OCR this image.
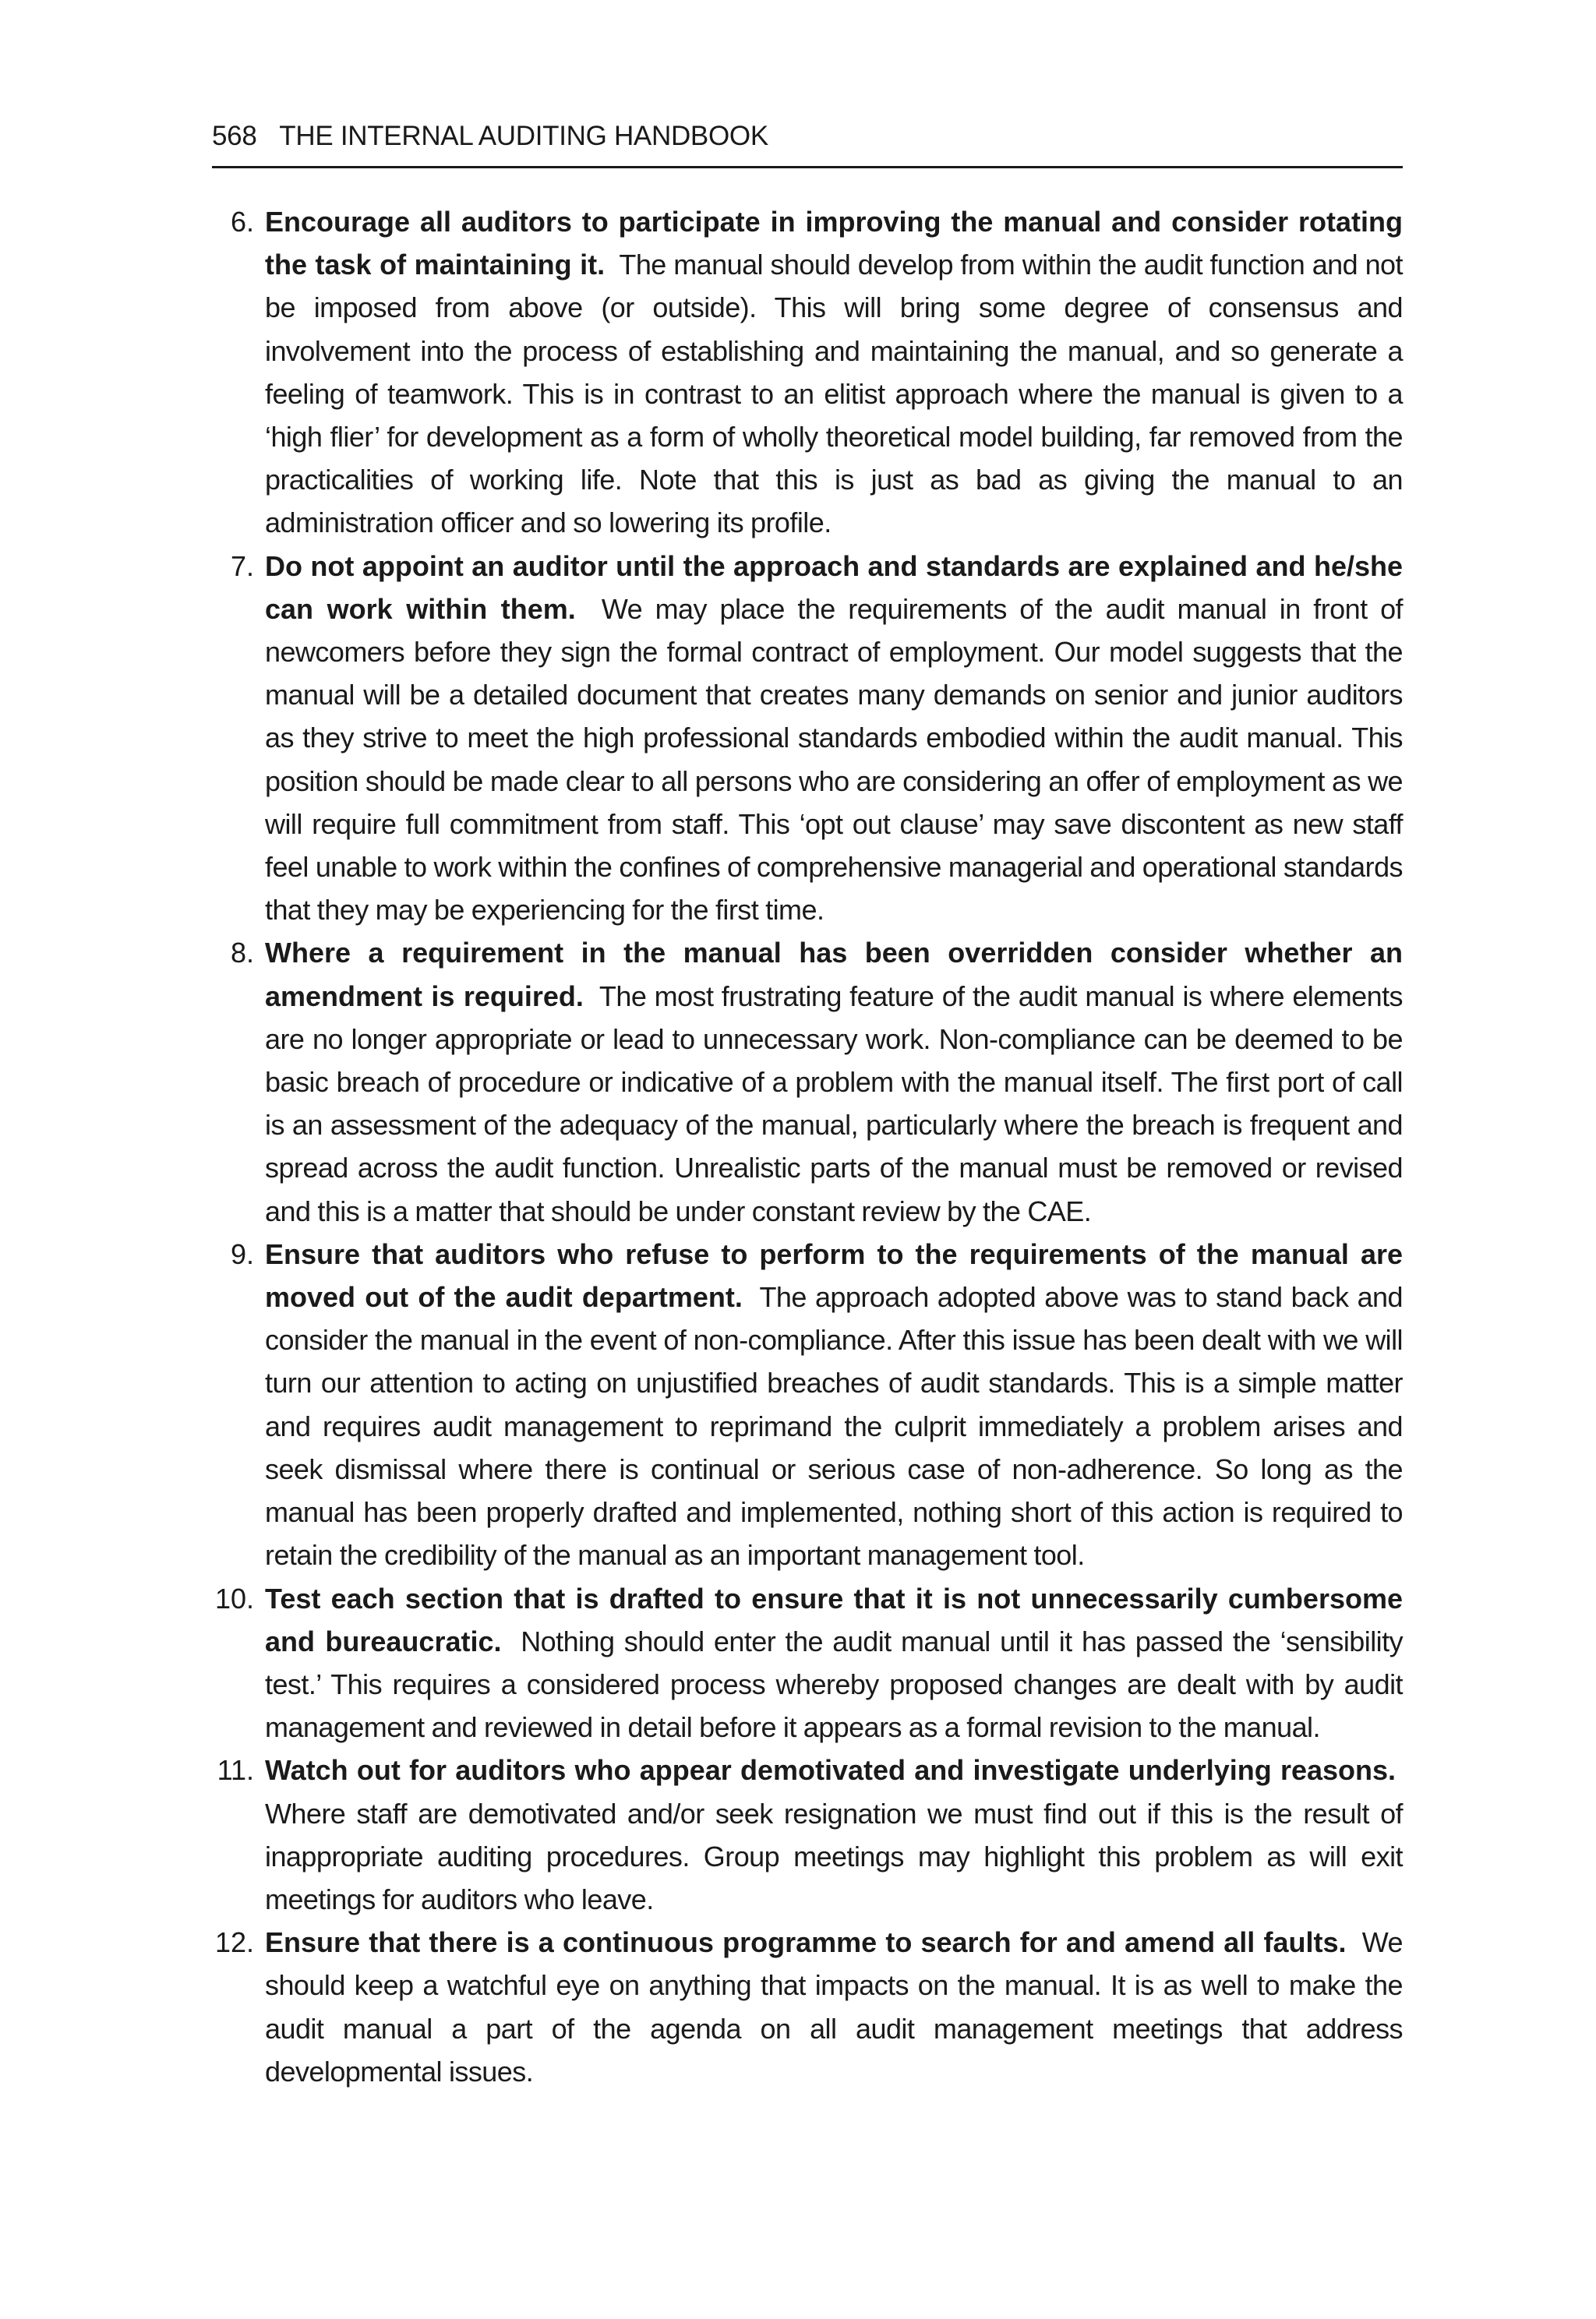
568 THE INTERNAL AUDITING HANDBOOK
6. Encourage all auditors to participate in improving the manual and consider rotating the task of maintaining it. The manual should develop from within the audit function and not be imposed from above (or outside). This will bring some degree of consensus and involvement into the process of establishing and maintaining the manual, and so generate a feeling of teamwork. This is in contrast to an elitist approach where the manual is given to a ‘high flier’ for development as a form of wholly theoretical model building, far removed from the practicalities of working life. Note that this is just as bad as giving the manual to an administration officer and so lowering its profile.

7. Do not appoint an auditor until the approach and standards are explained and he/she can work within them. We may place the requirements of the audit manual in front of newcomers before they sign the formal contract of employment. Our model suggests that the manual will be a detailed document that creates many demands on senior and junior auditors as they strive to meet the high professional standards embodied within the audit manual. This position should be made clear to all persons who are considering an offer of employment as we will require full commitment from staff. This ‘opt out clause’ may save discontent as new staff feel unable to work within the confines of comprehensive managerial and operational standards that they may be experiencing for the first time.

8. Where a requirement in the manual has been overridden consider whether an amendment is required. The most frustrating feature of the audit manual is where elements are no longer appropriate or lead to unnecessary work. Non-compliance can be deemed to be basic breach of procedure or indicative of a problem with the manual itself. The first port of call is an assessment of the adequacy of the manual, particularly where the breach is frequent and spread across the audit function. Unrealistic parts of the manual must be removed or revised and this is a matter that should be under constant review by the CAE.

9. Ensure that auditors who refuse to perform to the requirements of the manual are moved out of the audit department. The approach adopted above was to stand back and consider the manual in the event of non-compliance. After this issue has been dealt with we will turn our attention to acting on unjustified breaches of audit standards. This is a simple matter and requires audit management to reprimand the culprit immediately a problem arises and seek dismissal where there is continual or serious case of non-adherence. So long as the manual has been properly drafted and implemented, nothing short of this action is required to retain the credibility of the manual as an important management tool.

10. Test each section that is drafted to ensure that it is not unnecessarily cumbersome and bureaucratic. Nothing should enter the audit manual until it has passed the ‘sensibility test.’ This requires a considered process whereby proposed changes are dealt with by audit management and reviewed in detail before it appears as a formal revision to the manual.

11. Watch out for auditors who appear demotivated and investigate underlying reasons.  Where staff are demotivated and/or seek resignation we must find out if this is the result of inappropriate auditing procedures. Group meetings may highlight this problem as will exit meetings for auditors who leave.

12. Ensure that there is a continuous programme to search for and amend all faults. We should keep a watchful eye on anything that impacts on the manual. It is as well to make the audit manual a part of the agenda on all audit management meetings that address developmental issues.
